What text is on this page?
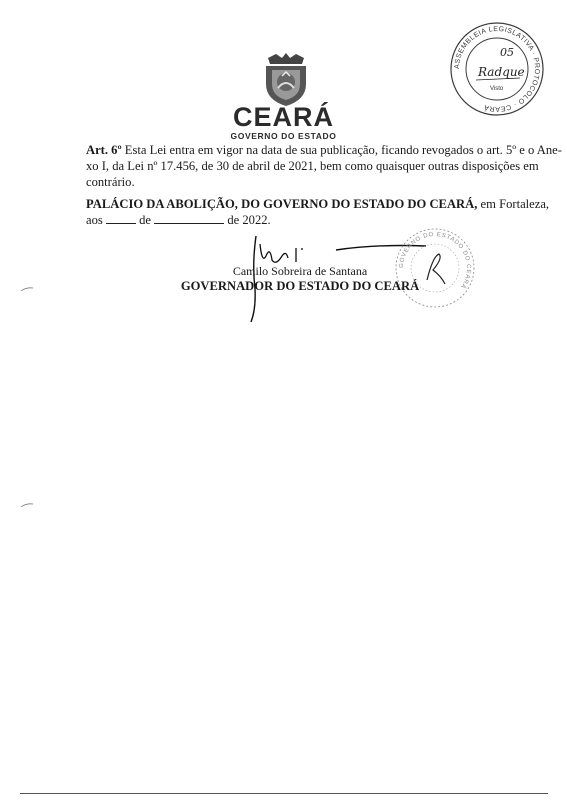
CEARÁ
GOVERNO DO ESTADO
ASSEMBLEIA LEGISLATIVA · PROTOCOLO · CEARÁ
05
Radque
Visto
Art. 6º Esta Lei entra em vigor na data de sua publicação, ficando revogados o art. 5º e o Ane-
xo I, da Lei nº 17.456, de 30 de abril de 2021, bem como quaisquer outras disposições em
contrário.
PALÁCIO DA ABOLIÇÃO, DO GOVERNO DO ESTADO DO CEARÁ, em Fortaleza,
aos	de	de 2022.
GOVERNO DO ESTADO DO CEARÁ
Camilo Sobreira de Santana
GOVERNADOR DO ESTADO DO CEARÁ
